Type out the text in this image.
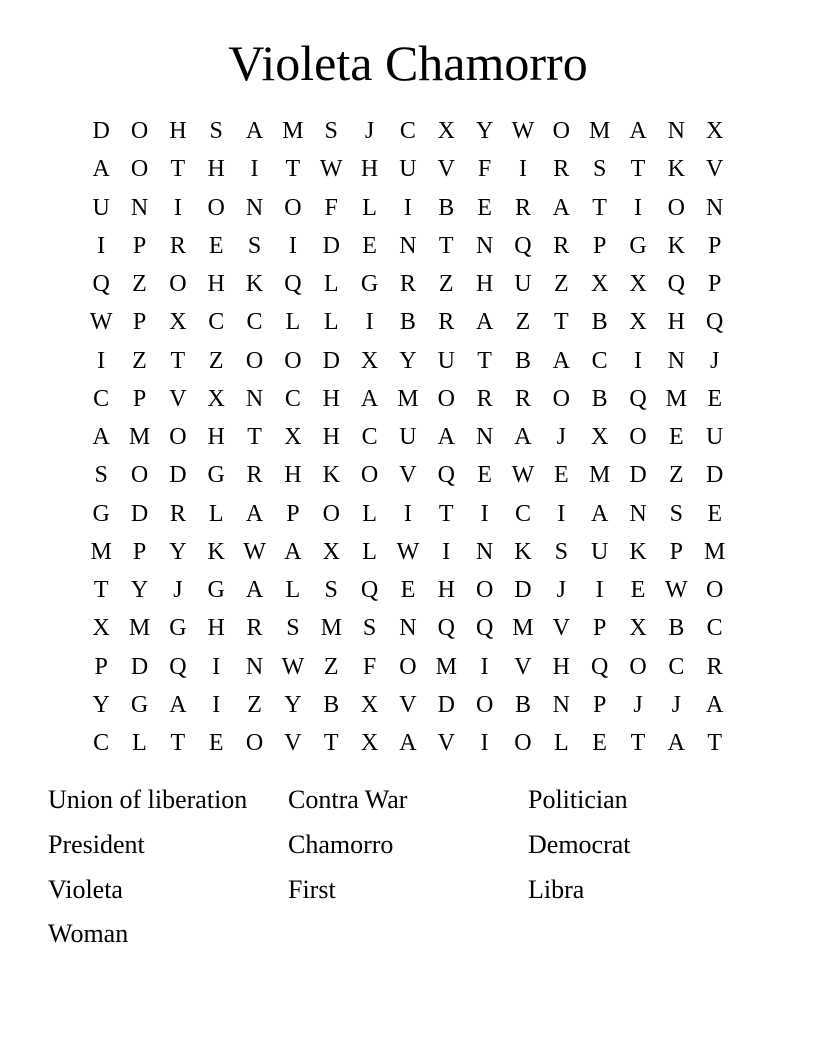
Violeta Chamorro
D O H S A M S	J	C X Y W O M A N X
A O T H	I	T W H U V F	I	R S	T K V
U N	I	O N O F	L	I	B E R A T	I	O N
I	P R E	S	I	D E N T N Q R P G K P
Q Z O H K Q L G R Z H U Z X X Q P
W P X C C L L	I	B R A Z T B X H Q
I	Z T Z O O D X Y U T B A C	I	N	J
C P V X N C H A M O R R O B Q M E
A M O H T X H C U A N A	J	X O E U
S O D G R H K O V Q E W E M D Z D
G D R L A P O L	I	T	I	C	I	A N S	E
M P Y K W A X L W I	N K S U K P M
T Y	J	G A L	S Q E H O D	J	I	E W O
X M G H R S M S N Q Q M V P X B C
P D Q	I	N W Z	F O M I	V H Q O C R
Y G A	I	Z Y B X V D O B N P	J	J	A
C L T E O V T X A V	I	O L E T A T
Union of liberation	Contra War	Politician
President	Chamorro	Democrat
Violeta	First	Libra
Woman
